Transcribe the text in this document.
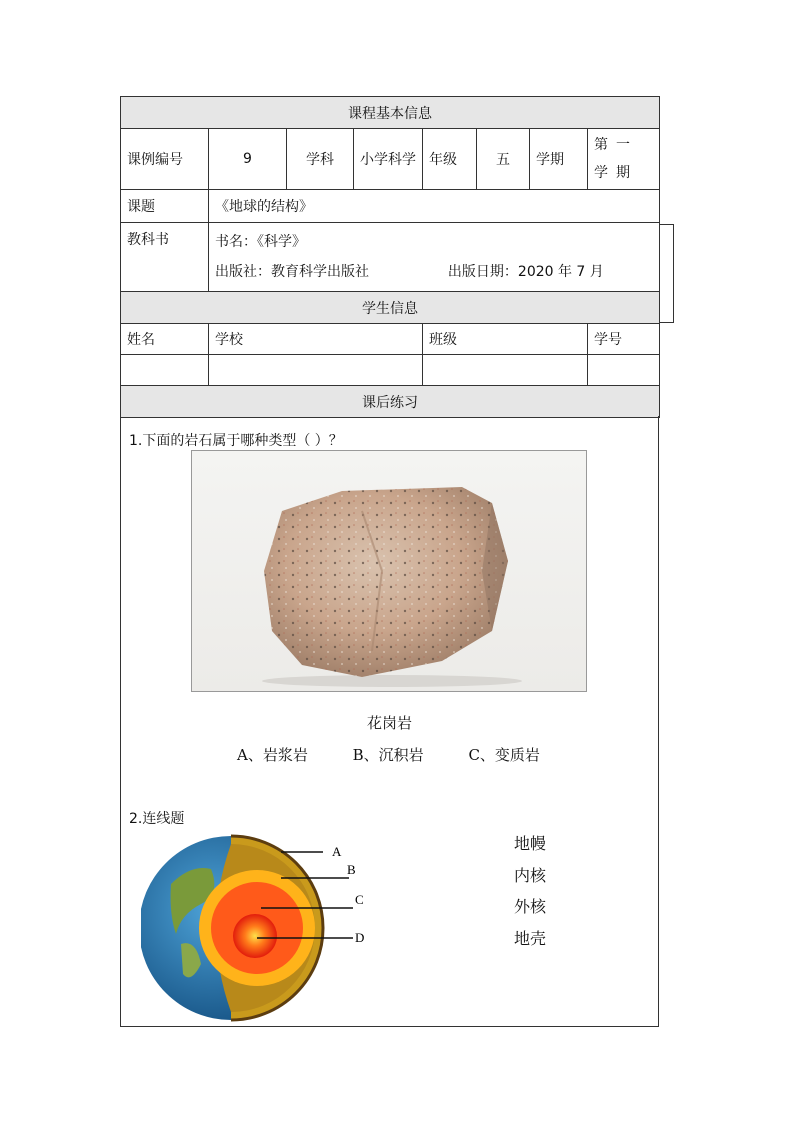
课程基本信息							
课例编号	9	学科	小学科学	年级	五	学期	第一学期
课题	《地球的结构》						
教科书	书名：《科学》
出版社：教育科学出版社 出版日期：2020 年 7 月						

学生信息							
姓名	学校			班级			学号

课后练习							
1.下面的岩石属于哪种类型（ ）？
花岗岩
A、岩浆岩	B、沉积岩	C、变质岩
2.连线题
A
B
C
D
地幔
内核
外核
地壳
